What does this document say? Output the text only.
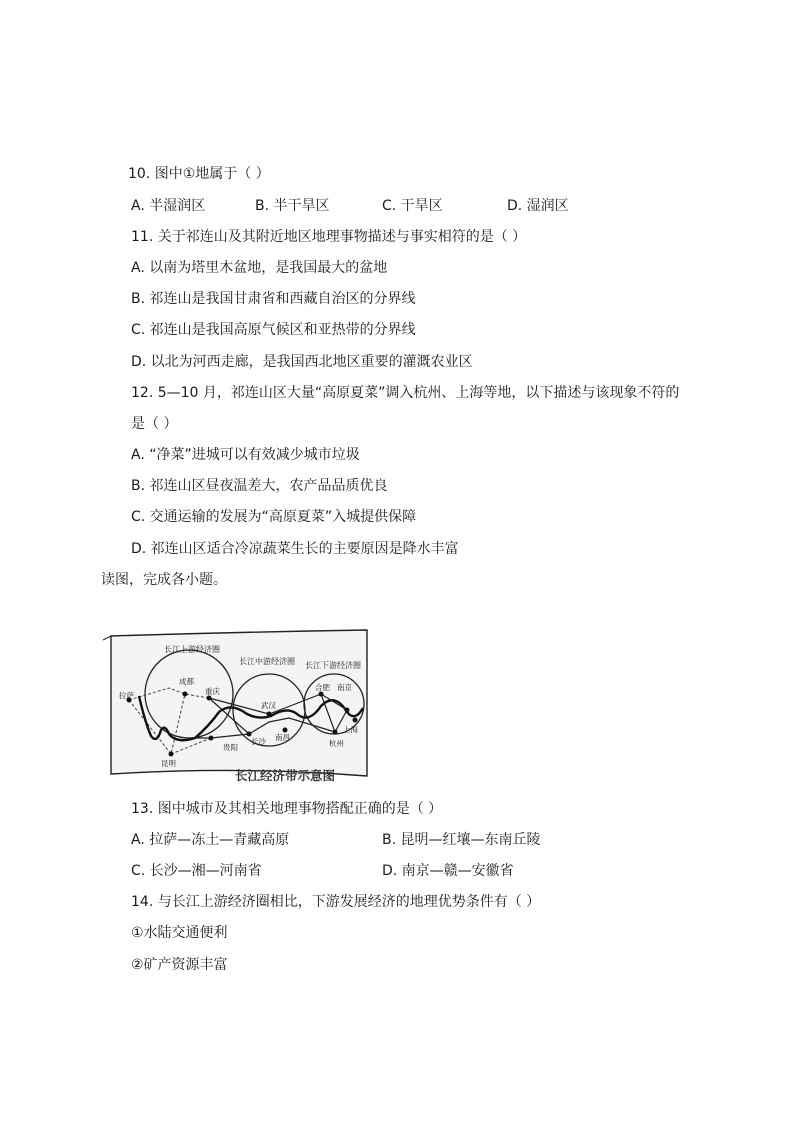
10. 图中①地属于（ ）
A. 半湿润区	B. 半干旱区	C. 干旱区	D. 湿润区
11. 关于祁连山及其附近地区地理事物描述与事实相符的是（ ）
A. 以南为塔里木盆地，是我国最大的盆地
B. 祁连山是我国甘肃省和西藏自治区的分界线
C. 祁连山是我国高原气候区和亚热带的分界线
D. 以北为河西走廊，是我国西北地区重要的灌溉农业区
12. 5—10 月，祁连山区大量“高原夏菜”调入杭州、上海等地，以下描述与该现象不符的
是（ ）
A. “净菜”进城可以有效减少城市垃圾
B. 祁连山区昼夜温差大，农产品品质优良
C. 交通运输的发展为“高原夏菜”入城提供保障
D. 祁连山区适合冷凉蔬菜生长的主要原因是降水丰富
读图，完成各小题。
长江上游经济圈
长江中游经济圈 长江下游经济圈
拉萨
成都
重庆
昆明
贵阳
武汉
长沙 南昌
合肥 南京
上海
杭州
长江经济带示意图
13. 图中城市及其相关地理事物搭配正确的是（ ）
A. 拉萨—冻土—青藏高原	B. 昆明—红壤—东南丘陵
C. 长沙—湘—河南省	D. 南京—赣—安徽省
14. 与长江上游经济圈相比，下游发展经济的地理优势条件有（ ）
①水陆交通便利
②矿产资源丰富
